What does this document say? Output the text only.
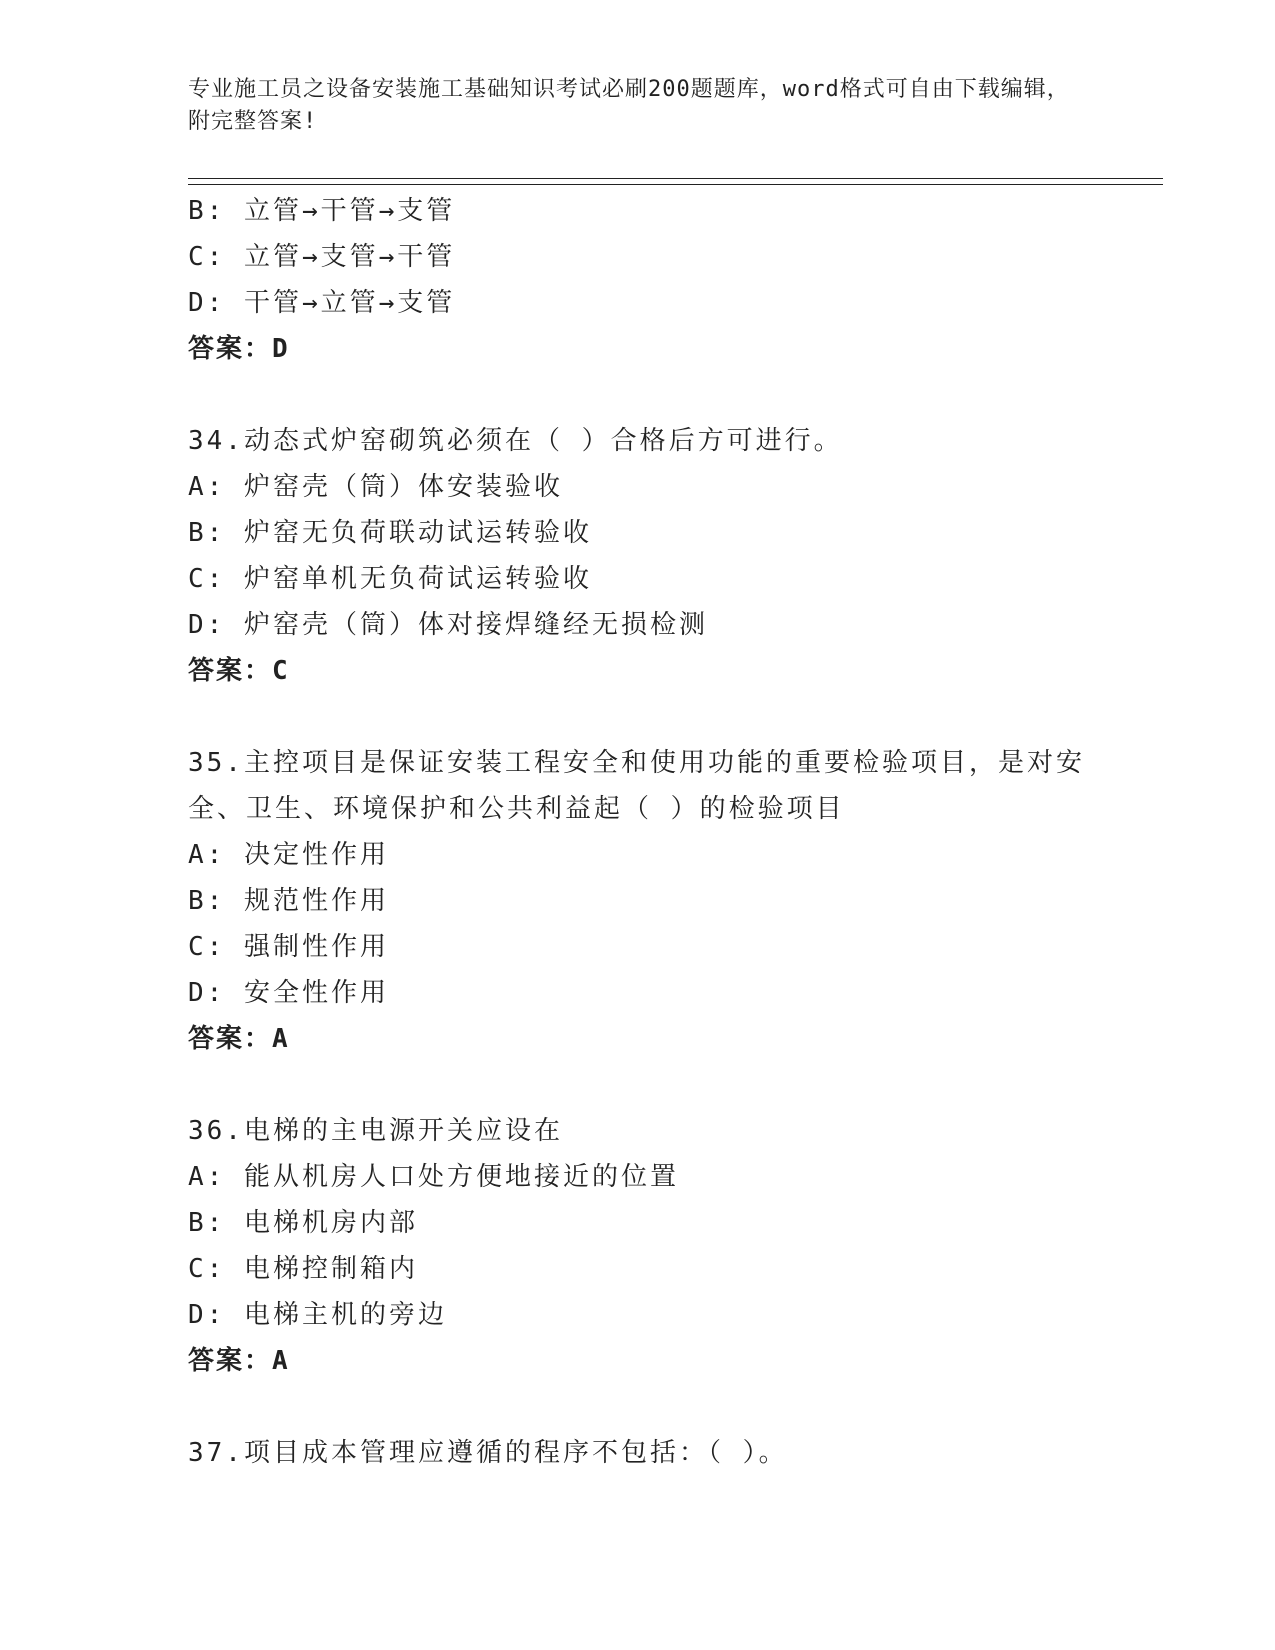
专业施工员之设备安装施工基础知识考试必刷200题题库，word格式可自由下载编辑，附完整答案!
B: 立管→干管→支管
C: 立管→支管→干管
D: 干管→立管→支管
答案：D
34.动态式炉窑砌筑必须在（ ）合格后方可进行。
A: 炉窑壳（筒）体安装验收
B: 炉窑无负荷联动试运转验收
C: 炉窑单机无负荷试运转验收
D: 炉窑壳（筒）体对接焊缝经无损检测
答案：C
35.主控项目是保证安装工程安全和使用功能的重要检验项目，是对安全、卫生、环境保护和公共利益起（ ）的检验项目
A: 决定性作用
B: 规范性作用
C: 强制性作用
D: 安全性作用
答案：A
36.电梯的主电源开关应设在
A: 能从机房人口处方便地接近的位置
B: 电梯机房内部
C: 电梯控制箱内
D: 电梯主机的旁边
答案：A
37.项目成本管理应遵循的程序不包括：（ ）。
